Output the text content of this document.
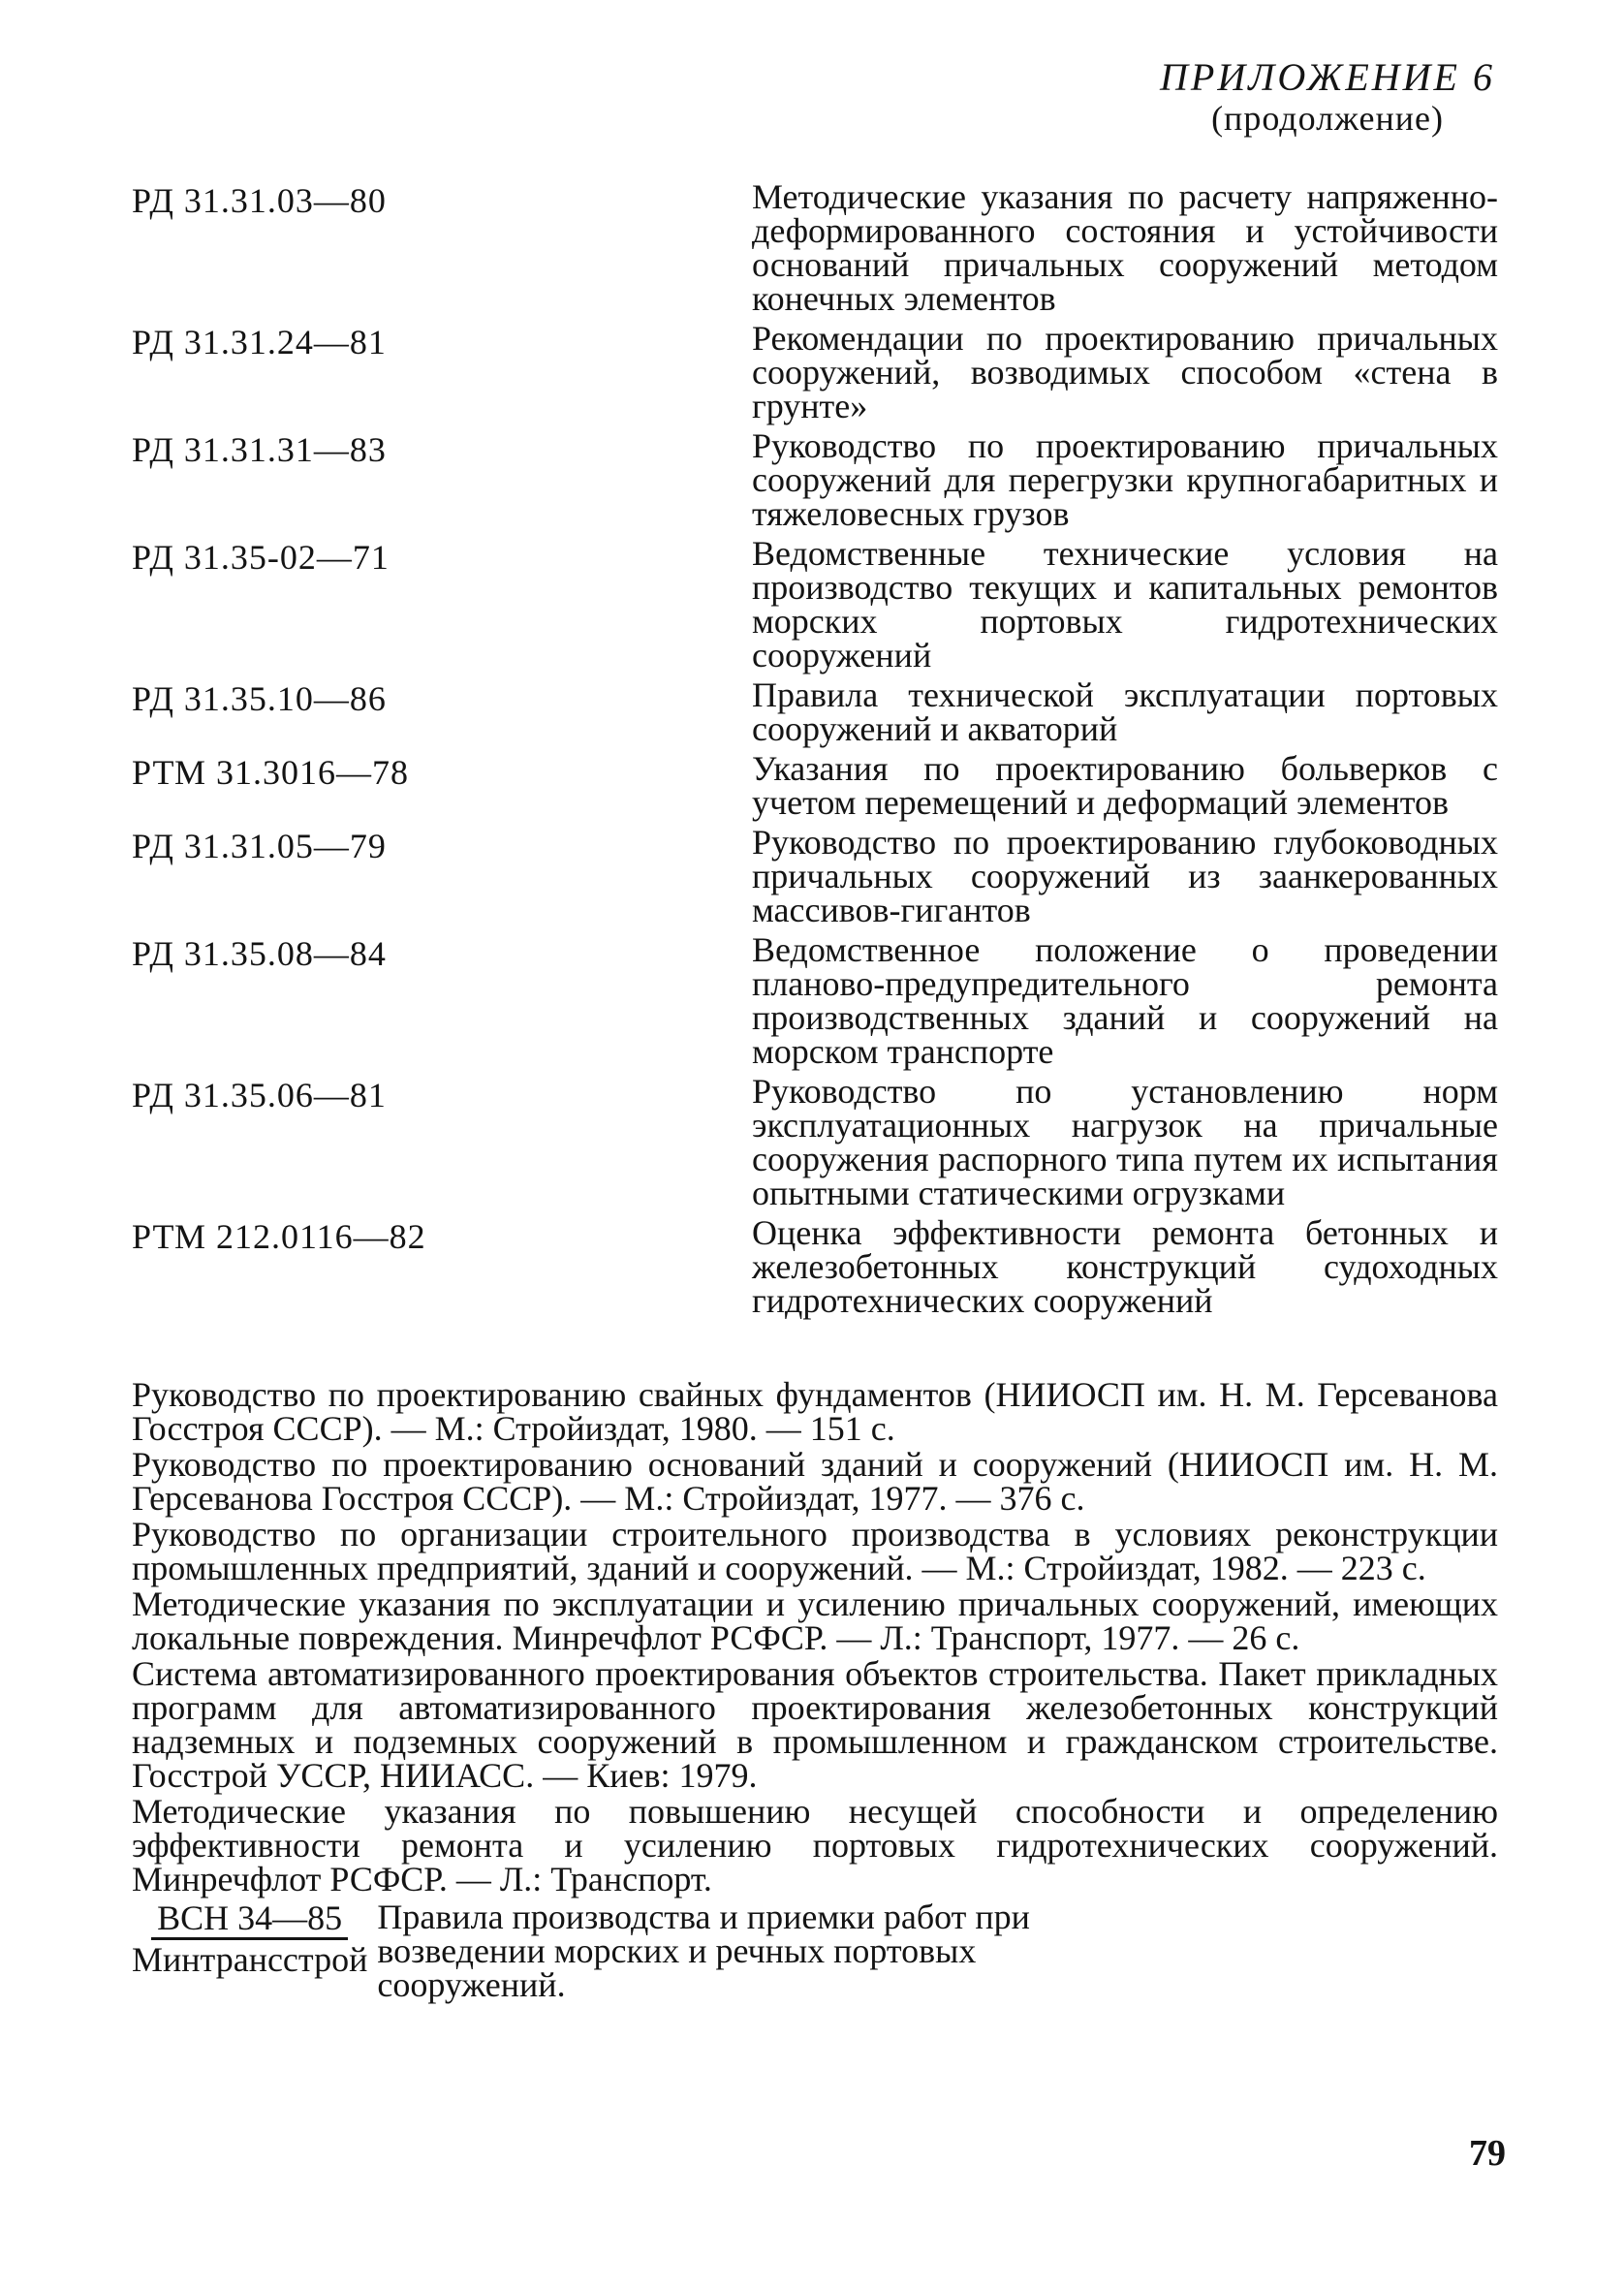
ПРИЛОЖЕНИЕ 6
(продолжение)
РД 31.31.03—80	Методические указания по расчету напряженно-деформированного состояния и устойчивости оснований причальных сооружений методом конечных элементов
РД 31.31.24—81	Рекомендации по проектированию причальных сооружений, возводимых способом «стена в грунте»
РД 31.31.31—83	Руководство по проектированию причальных сооружений для перегрузки крупногабаритных и тяжеловесных грузов
РД 31.35-02—71	Ведомственные технические условия на производство текущих и капитальных ремонтов морских портовых гидротехнических сооружений
РД 31.35.10—86	Правила технической эксплуатации портовых сооружений и акваторий
РТМ 31.3016—78	Указания по проектированию больверков с учетом перемещений и деформаций элементов
РД 31.31.05—79	Руководство по проектированию глубоководных причальных сооружений из заанкерованных массивов-гигантов
РД 31.35.08—84	Ведомственное положение о проведении планово-предупредительного ремонта производственных зданий и сооружений на морском транспорте
РД 31.35.06—81	Руководство по установлению норм эксплуатационных нагрузок на причальные сооружения распорного типа путем их испытания опытными статическими огрузками
РТМ 212.0116—82	Оценка эффективности ремонта бетонных и железобетонных конструкций судоходных гидротехнических сооружений
Руководство по проектированию свайных фундаментов (НИИОСП им. Н. М. Герсеванова Госстроя СССР). — М.: Стройиздат, 1980. — 151 с.
Руководство по проектированию оснований зданий и сооружений (НИИОСП им. Н. М. Герсеванова Госстроя СССР). — М.: Стройиздат, 1977. — 376 с.
Руководство по организации строительного производства в условиях реконструкции промышленных предприятий, зданий и сооружений. — М.: Стройиздат, 1982. — 223 с.
Методические указания по эксплуатации и усилению причальных сооружений, имеющих локальные повреждения. Минречфлот РСФСР. — Л.: Транспорт, 1977. — 26 с.
Система автоматизированного проектирования объектов строительства. Пакет прикладных программ для автоматизированного проектирования железобетонных конструкций надземных и подземных сооружений в промышленном и гражданском строительстве. Госстрой УССР, НИИАСС. — Киев: 1979.
Методические указания по повышению несущей способности и определению эффективности ремонта и усилению портовых гидротехнических сооружений. Минречфлот РСФСР. — Л.: Транспорт.
$\frac{\text{ВСН 34—85}}{\text{Минтрансстрой}}$ Правила производства и приемки работ при возведении морских и речных портовых сооружений.
79
